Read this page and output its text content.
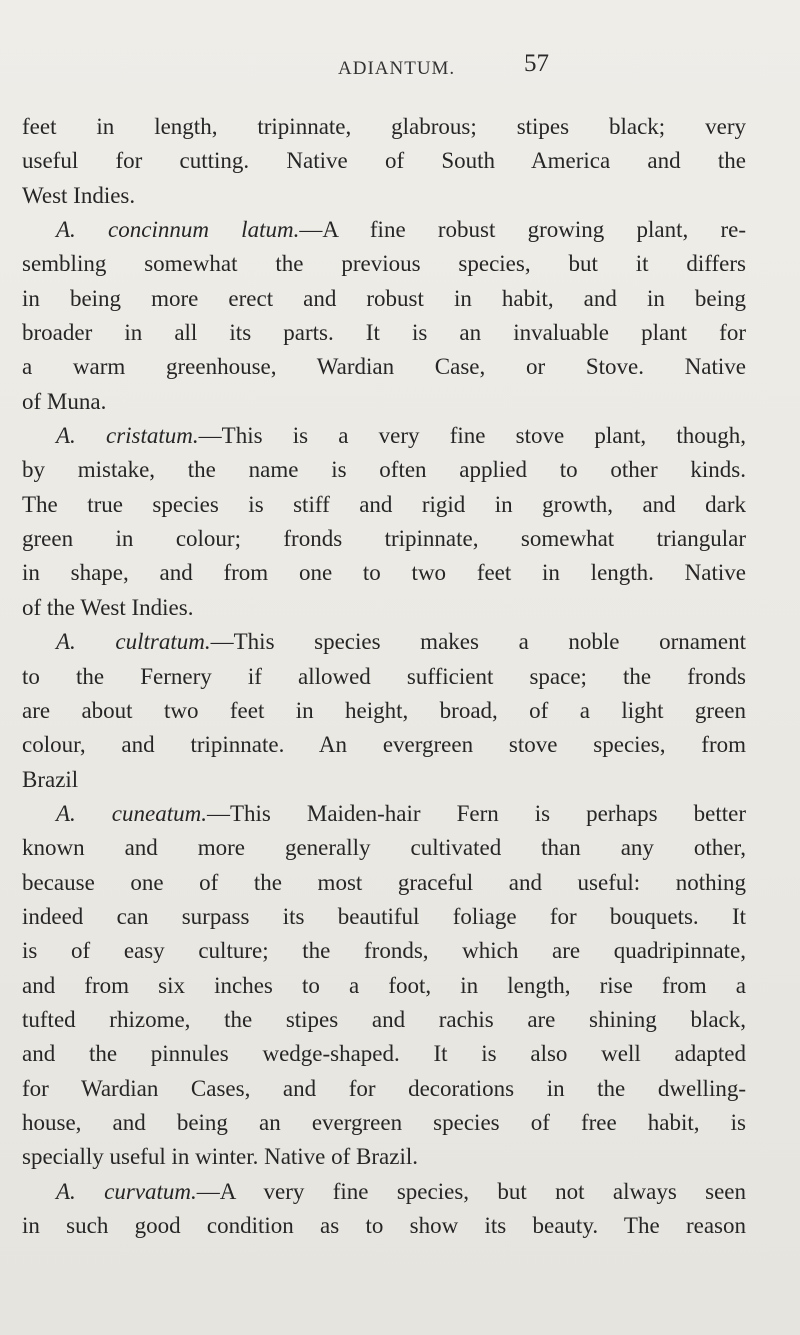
ADIANTUM.	57
feet in length, tripinnate, glabrous; stipes black; very
useful for cutting. Native of South America and the
West Indies.
A. concinnum latum.—A fine robust growing plant, re-
sembling somewhat the previous species, but it differs
in being more erect and robust in habit, and in being
broader in all its parts. It is an invaluable plant for
a warm greenhouse, Wardian Case, or Stove. Native
of Muna.
A. cristatum.—This is a very fine stove plant, though,
by mistake, the name is often applied to other kinds.
The true species is stiff and rigid in growth, and dark
green in colour; fronds tripinnate, somewhat triangular
in shape, and from one to two feet in length. Native
of the West Indies.
A. cultratum.—This species makes a noble ornament
to the Fernery if allowed sufficient space; the fronds
are about two feet in height, broad, of a light green
colour, and tripinnate. An evergreen stove species, from
Brazil
A. cuneatum.—This Maiden-hair Fern is perhaps better
known and more generally cultivated than any other,
because one of the most graceful and useful: nothing
indeed can surpass its beautiful foliage for bouquets. It
is of easy culture; the fronds, which are quadripinnate,
and from six inches to a foot, in length, rise from a
tufted rhizome, the stipes and rachis are shining black,
and the pinnules wedge-shaped. It is also well adapted
for Wardian Cases, and for decorations in the dwelling-
house, and being an evergreen species of free habit, is
specially useful in winter. Native of Brazil.
A. curvatum.—A very fine species, but not always seen
in such good condition as to show its beauty. The reason
